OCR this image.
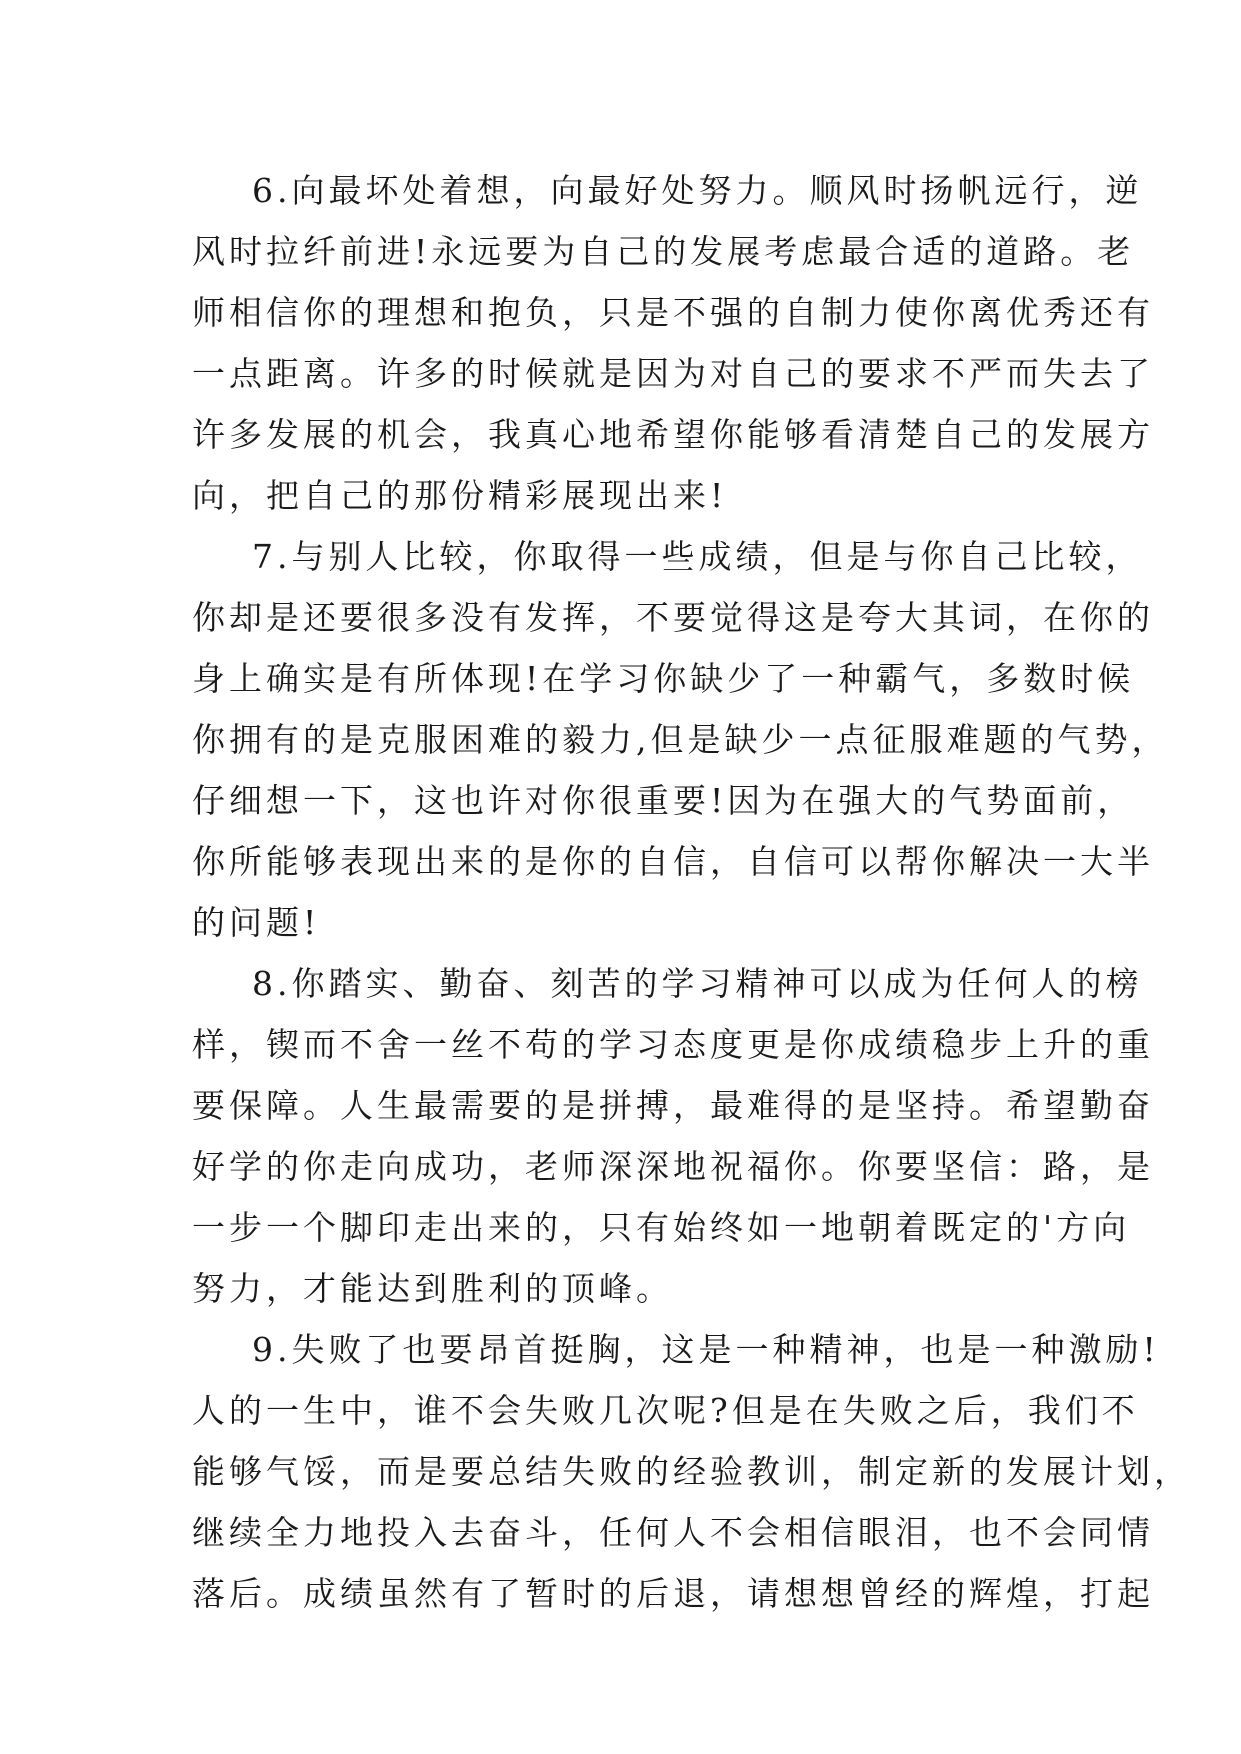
6.向最坏处着想，向最好处努力。顺风时扬帆远行，逆
风时拉纤前进!永远要为自己的发展考虑最合适的道路。老
师相信你的理想和抱负，只是不强的自制力使你离优秀还有
一点距离。许多的时候就是因为对自己的要求不严而失去了
许多发展的机会，我真心地希望你能够看清楚自己的发展方
向，把自己的那份精彩展现出来!
7.与别人比较，你取得一些成绩，但是与你自己比较，
你却是还要很多没有发挥，不要觉得这是夸大其词，在你的
身上确实是有所体现!在学习你缺少了一种霸气，多数时候
你拥有的是克服困难的毅力,但是缺少一点征服难题的气势，
仔细想一下，这也许对你很重要!因为在强大的气势面前，
你所能够表现出来的是你的自信，自信可以帮你解决一大半
的问题!
8.你踏实、勤奋、刻苦的学习精神可以成为任何人的榜
样，锲而不舍一丝不苟的学习态度更是你成绩稳步上升的重
要保障。人生最需要的是拼搏，最难得的是坚持。希望勤奋
好学的你走向成功，老师深深地祝福你。你要坚信：路，是
一步一个脚印走出来的，只有始终如一地朝着既定的'方向
努力，才能达到胜利的顶峰。
9.失败了也要昂首挺胸，这是一种精神，也是一种激励!
人的一生中，谁不会失败几次呢?但是在失败之后，我们不
能够气馁，而是要总结失败的经验教训，制定新的发展计划，
继续全力地投入去奋斗，任何人不会相信眼泪，也不会同情
落后。成绩虽然有了暂时的后退，请想想曾经的辉煌，打起
